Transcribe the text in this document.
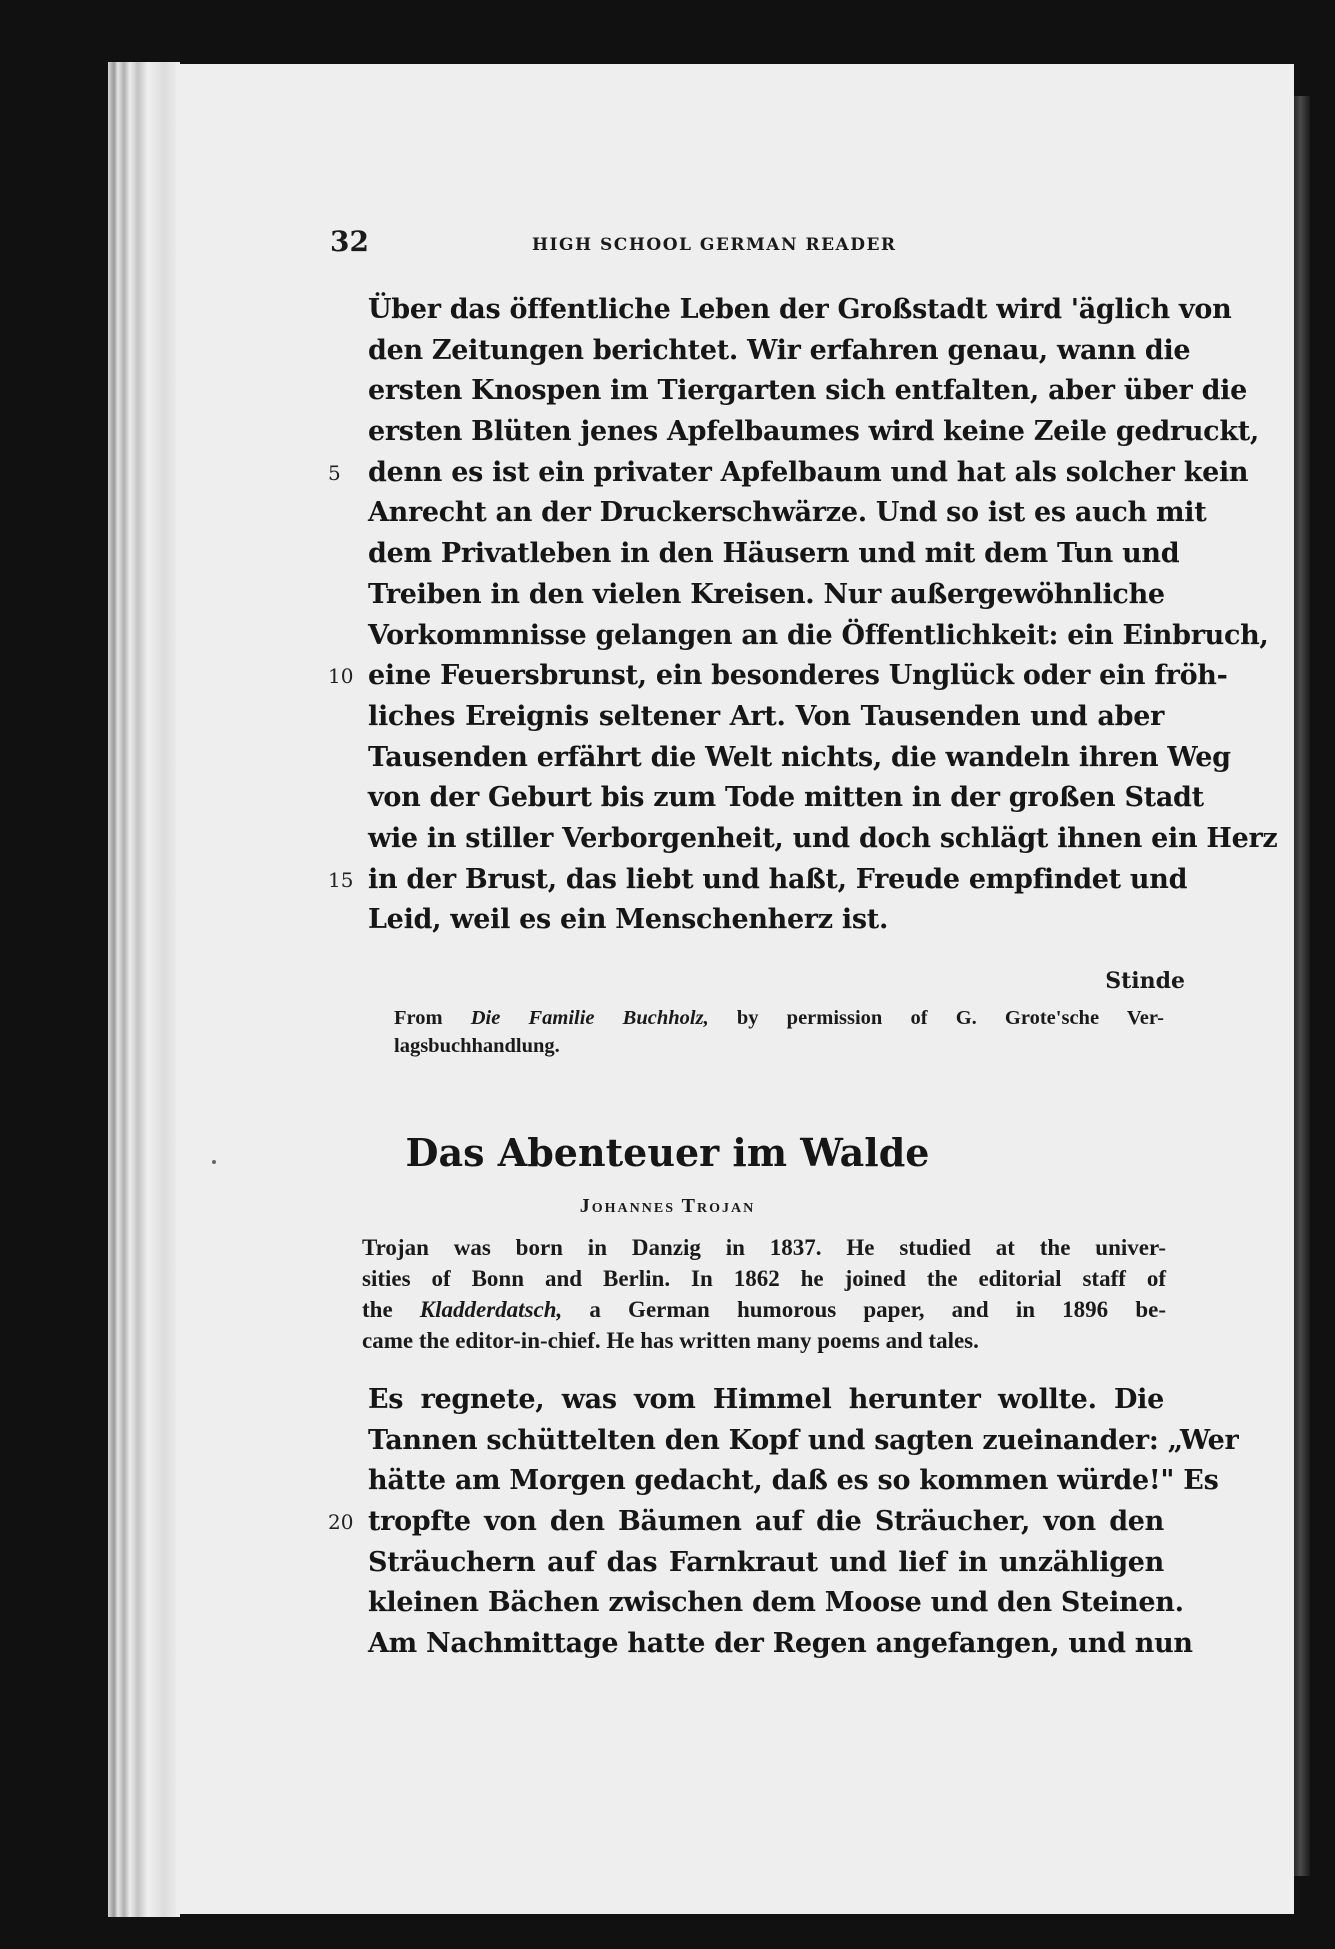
32	HIGH SCHOOL GERMAN READER
Über das öffentliche Leben der Großstadt wird 'äglich von
den Zeitungen berichtet. Wir erfahren genau, wann die
ersten Knospen im Tiergarten sich entfalten, aber über die
ersten Blüten jenes Apfelbaumes wird keine Zeile gedruckt,
5	denn es ist ein privater Apfelbaum und hat als solcher kein
Anrecht an der Druckerschwärze. Und so ist es auch mit
dem Privatleben in den Häusern und mit dem Tun und
Treiben in den vielen Kreisen. Nur außergewöhnliche
Vorkommnisse gelangen an die Öffentlichkeit: ein Einbruch,
10 eine Feuersbrunst, ein besonderes Unglück oder ein fröh-
liches Ereignis seltener Art. Von Tausenden und aber
Tausenden erfährt die Welt nichts, die wandeln ihren Weg
von der Geburt bis zum Tode mitten in der großen Stadt
wie in stiller Verborgenheit, und doch schlägt ihnen ein Herz
15 in der Brust, das liebt und haßt, Freude empfindet und
Leid, weil es ein Menschenherz ist.
Stinde
From Die Familie Buchholz, by permission of G. Grote'sche Ver-
lagsbuchhandlung.
Das Abenteuer im Walde
Johannes Trojan
Trojan was born in Danzig in 1837. He studied at the univer-
sities of Bonn and Berlin. In 1862 he joined the editorial staff of
the Kladderdatsch, a German humorous paper, and in 1896 be-
came the editor-in-chief. He has written many poems and tales.
Es regnete, was vom Himmel herunter wollte. Die
Tannen schüttelten den Kopf und sagten zueinander: „Wer
hätte am Morgen gedacht, daß es so kommen würde!" Es
20 tropfte von den Bäumen auf die Sträucher, von den
Sträuchern auf das Farnkraut und lief in unzähligen
kleinen Bächen zwischen dem Moose und den Steinen.
Am Nachmittage hatte der Regen angefangen, und nun
